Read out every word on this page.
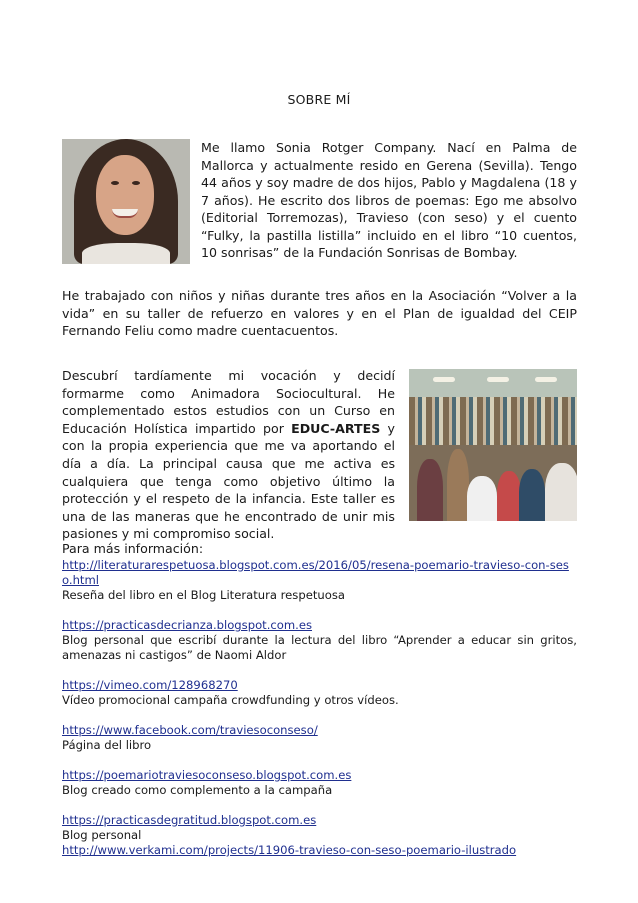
SOBRE MÍ
Me llamo Sonia Rotger Company. Nací en Palma de Mallorca y actualmente resido en Gerena (Sevilla). Tengo 44 años y soy madre de dos hijos, Pablo y Magdalena (18 y 7 años). He escrito dos libros de poemas: Ego me absolvo (Editorial Torremozas), Travieso (con seso) y el cuento “Fulky, la pastilla listilla” incluido en el libro “10 cuentos, 10 sonrisas” de la Fundación Sonrisas de Bombay.
He trabajado con niños y niñas durante tres años en la Asociación “Volver a la vida” en su taller de refuerzo en valores y en el Plan de igualdad del CEIP Fernando Feliu como madre cuentacuentos.
Descubrí tardíamente mi vocación y decidí formarme como Animadora Sociocultural. He complementado estos estudios con un Curso en Educación Holística impartido por EDUC-ARTES y con la propia experiencia que me va aportando el día a día. La principal causa que me activa es cualquiera que tenga como objetivo último la protección y el respeto de la infancia. Este taller es una de las maneras que he encontrado de unir mis pasiones y mi compromiso social.
Para más información:
http://literaturarespetuosa.blogspot.com.es/2016/05/resena-poemario-travieso-con-seso.html
Reseña del libro en el Blog Literatura respetuosa
https://practicasdecrianza.blogspot.com.es
Blog personal que escribí durante la lectura del libro “Aprender a educar sin gritos, amenazas ni castigos” de Naomi Aldor
https://vimeo.com/128968270
Vídeo promocional campaña crowdfunding y otros vídeos.
https://www.facebook.com/traviesoconseso/
Página del libro
https://poemariotraviesoconseso.blogspot.com.es
Blog creado como complemento a la campaña
https://practicasdegratitud.blogspot.com.es
Blog personal
http://www.verkami.com/projects/11906-travieso-con-seso-poemario-ilustrado
